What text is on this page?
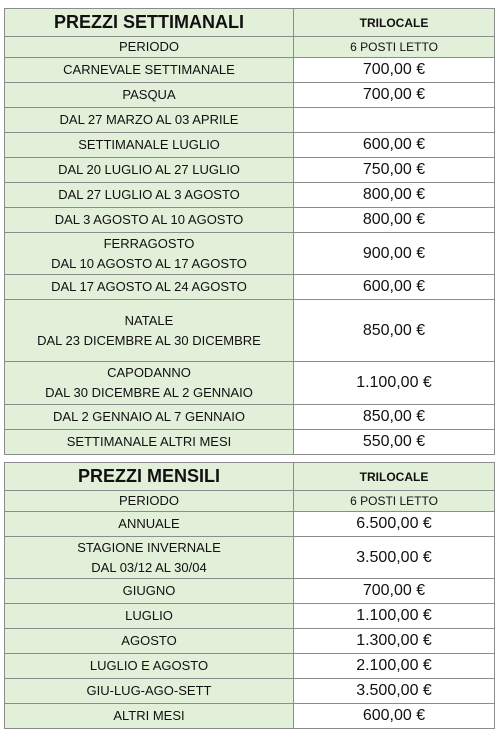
PREZZI SETTIMANALI	TRILOCALE
PERIODO	6 POSTI LETTO
CARNEVALE SETTIMANALE	700,00 €
PASQUA	700,00 €
DAL 27 MARZO AL 03 APRILE	
SETTIMANALE LUGLIO	600,00 €
DAL 20 LUGLIO AL 27 LUGLIO	750,00 €
DAL 27 LUGLIO AL 3 AGOSTO	800,00 €
DAL 3 AGOSTO AL 10 AGOSTO	800,00 €

FERRAGOSTO
DAL 10 AGOSTO AL 17 AGOSTO	900,00 €
DAL 17 AGOSTO AL 24 AGOSTO	600,00 €

NATALE
DAL 23 DICEMBRE AL 30 DICEMBRE	850,00 €

CAPODANNO
DAL 30 DICEMBRE AL 2 GENNAIO	1.100,00 €
DAL 2 GENNAIO AL 7 GENNAIO	850,00 €
SETTIMANALE ALTRI MESI	550,00 €
PREZZI MENSILI	TRILOCALE
PERIODO	6 POSTI LETTO
ANNUALE	6.500,00 €

STAGIONE INVERNALE
DAL 03/12 AL 30/04	3.500,00 €
GIUGNO	700,00 €
LUGLIO	1.100,00 €
AGOSTO	1.300,00 €
LUGLIO E AGOSTO	2.100,00 €
GIU-LUG-AGO-SETT	3.500,00 €
ALTRI MESI	600,00 €
